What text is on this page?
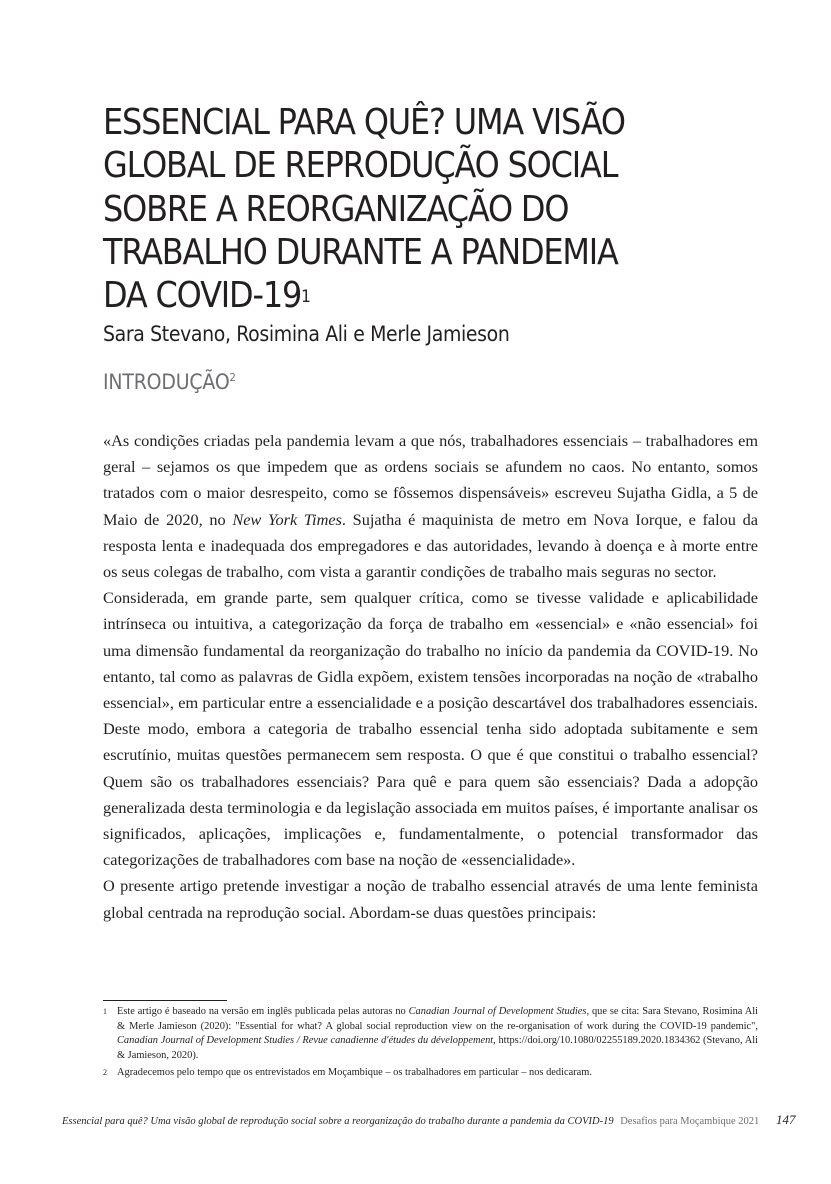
ESSENCIAL PARA QUÊ? UMA VISÃO
GLOBAL DE REPRODUÇÃO SOCIAL
SOBRE A REORGANIZAÇÃO DO
TRABALHO DURANTE A PANDEMIA
DA COVID-$19^1$
Sara Stevano, Rosimina Ali e Merle Jamieson
INTRODUÇÃO$^2$

«As condições criadas pela pandemia levam a que nós, trabalhadores essenciais – trabalhadores em geral – sejamos os que impedem que as ordens sociais se afundem no caos. No entanto, somos tratados com o maior desrespeito, como se fôssemos dispensáveis» escreveu Sujatha Gidla, a 5 de Maio de 2020, no New York Times. Sujatha é maquinista de metro em Nova Iorque, e falou da resposta lenta e inadequada dos empregadores e das autoridades, levando à doença e à morte entre os seus colegas de trabalho, com vista a garantir condições de trabalho mais seguras no sector.

Considerada, em grande parte, sem qualquer crítica, como se tivesse validade e aplicabilidade intrínseca ou intuitiva, a categorização da força de trabalho em «essencial» e «não essencial» foi uma dimensão fundamental da reorganização do trabalho no início da pandemia da COVID-19. No entanto, tal como as palavras de Gidla expõem, existem tensões incorporadas na noção de «trabalho essencial», em particular entre a essencialidade e a posição descartável dos trabalhadores essenciais. Deste modo, embora a categoria de trabalho essencial tenha sido adoptada subitamente e sem escrutínio, muitas questões permanecem sem resposta. O que é que constitui o trabalho essencial? Quem são os trabalhadores essenciais? Para quê e para quem são essenciais? Dada a adopção generalizada desta terminologia e da legislação associada em muitos países, é importante analisar os significados, aplicações, implicações e, fundamentalmente, o potencial transformador das categorizações de trabalhadores com base na noção de «essencialidade».

O presente artigo pretende investigar a noção de trabalho essencial através de uma lente feminista global centrada na reprodução social. Abordam-se duas questões principais:

1 Este artigo é baseado na versão em inglês publicada pelas autoras no Canadian Journal of Development Studies, que se cita: Sara Stevano, Rosimina Ali & Merle Jamieson (2020): "Essential for what? A global social reproduction view on the re-organisation of work during the COVID-19 pandemic", Canadian Journal of Development Studies / Revue canadienne d'études du développement, https://doi.org/10.1080/02255189.2020.1834362 (Stevano, Ali & Jamieson, 2020).
2 Agradecemos pelo tempo que os entrevistados em Moçambique – os trabalhadores em particular – nos dedicaram.
Essencial para quê? Uma visão global de reprodução social sobre a reorganização do trabalho durante a pandemia da COVID-19 Desafios para Moçambique 2021 147
